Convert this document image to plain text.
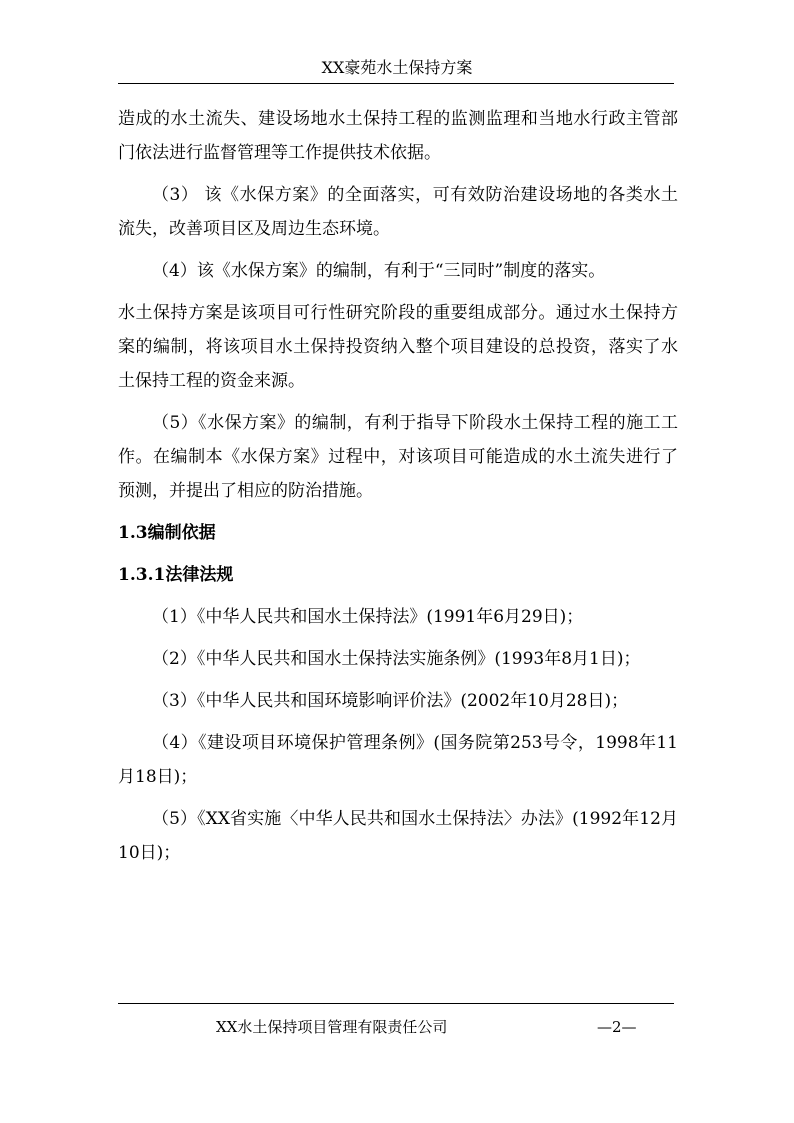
XX豪苑水土保持方案

造成的水土流失、建设场地水土保持工程的监测监理和当地水行政主管部门依法进行监督管理等工作提供技术依据。

（3） 该《水保方案》的全面落实，可有效防治建设场地的各类水土流失，改善项目区及周边生态环境。

（4）该《水保方案》的编制，有利于“三同时”制度的落实。

水土保持方案是该项目可行性研究阶段的重要组成部分。通过水土保持方案的编制，将该项目水土保持投资纳入整个项目建设的总投资，落实了水土保持工程的资金来源。

（5）《水保方案》的编制，有利于指导下阶段水土保持工程的施工工作。在编制本《水保方案》过程中，对该项目可能造成的水土流失进行了预测，并提出了相应的防治措施。

1.3编制依据
1.3.1法律法规

（1）《中华人民共和国水土保持法》(1991年6月29日)；

（2）《中华人民共和国水土保持法实施条例》(1993年8月1日)；

（3）《中华人民共和国环境影响评价法》(2002年10月28日)；

（4）《建设项目环境保护管理条例》(国务院第253号令，1998年11月18日)；

（5）《XX省实施〈中华人民共和国水土保持法〉办法》(1992年12月10日)；

XX水土保持项目管理有限责任公司	—2—
